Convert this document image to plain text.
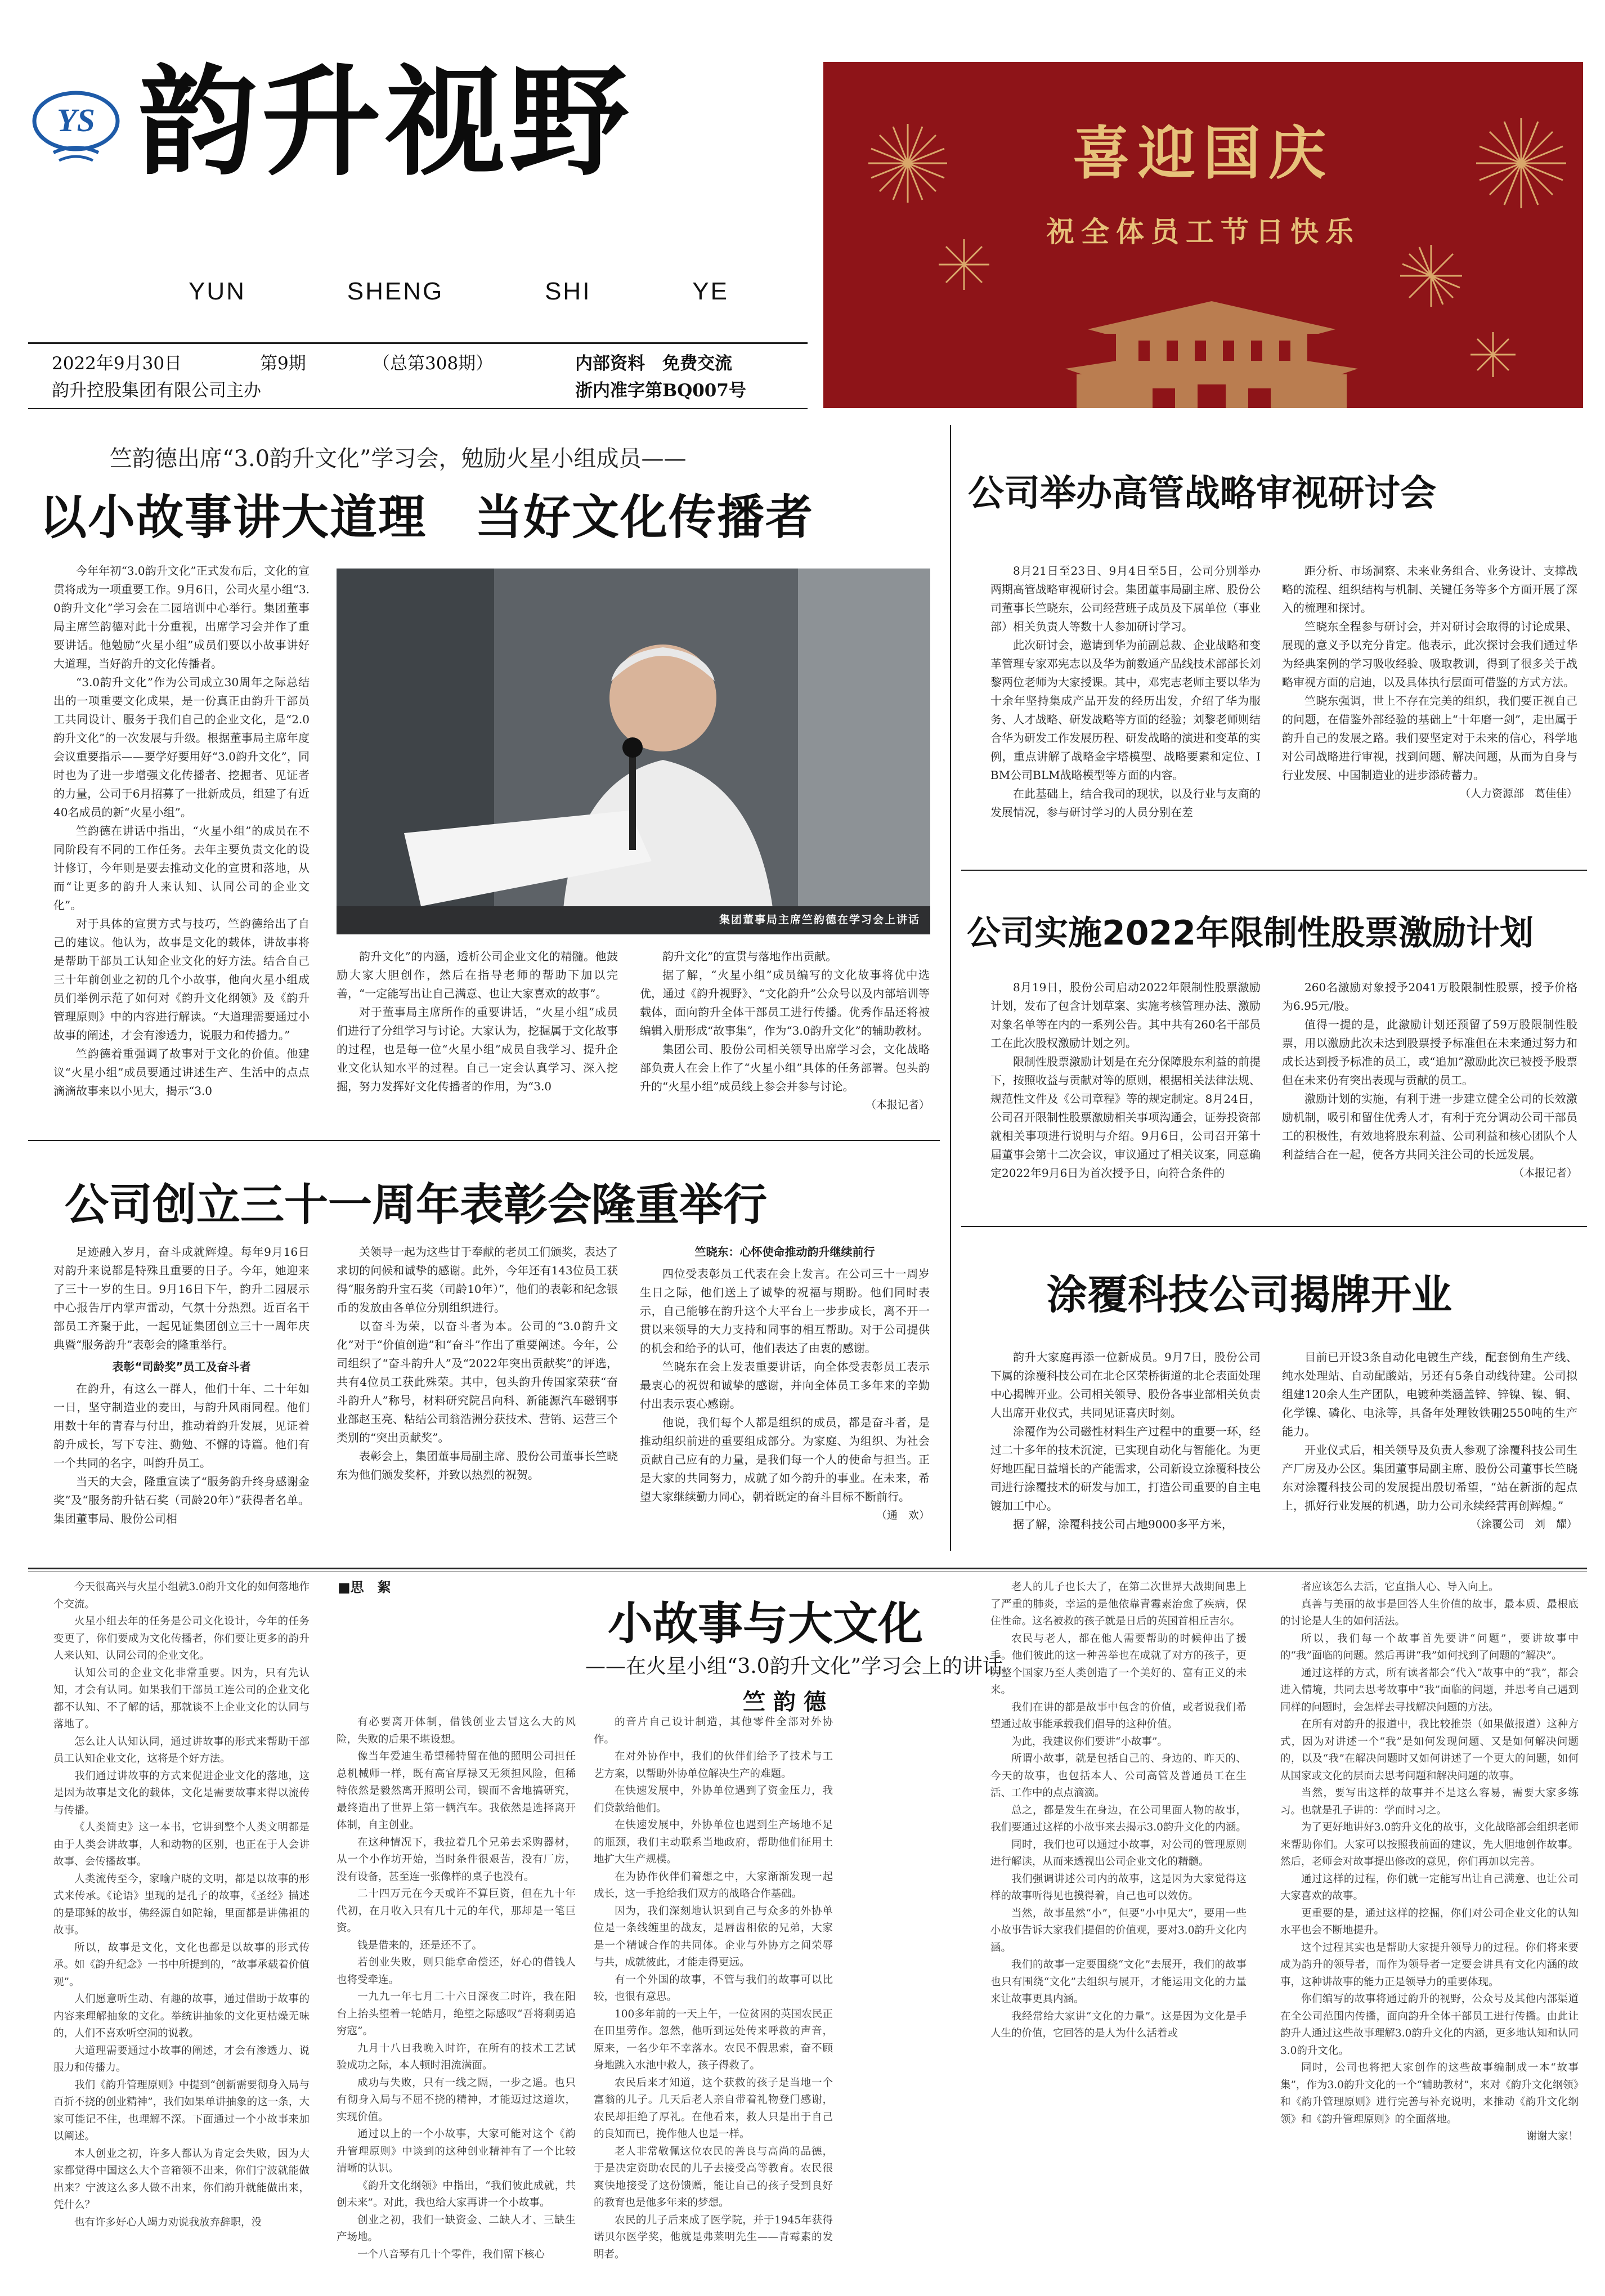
YS 韵升视野
YUN	SHENG	SHI	YE
2022年9月30日	第9期	（总第308期）	内部资料　免费交流
韵升控股集团有限公司主办	浙内准字第BQ007号
喜迎国庆
祝全体员工节日快乐
竺韵德出席“3.0韵升文化”学习会，勉励火星小组成员——
以小故事讲大道理　当好文化传播者

今年年初“3.0韵升文化”正式发布后，文化的宣贯将成为一项重要工作。9月6日，公司火星小组“3.0韵升文化”学习会在二园培训中心举行。集团董事局主席竺韵德对此十分重视，出席学习会并作了重要讲话。他勉励“火星小组”成员们要以小故事讲好大道理，当好韵升的文化传播者。

“3.0韵升文化”作为公司成立30周年之际总结出的一项重要文化成果，是一份真正由韵升干部员工共同设计、服务于我们自己的企业文化，是“2.0韵升文化”的一次发展与升级。根据董事局主席年度会议重要指示——要学好要用好“3.0韵升文化”，同时也为了进一步增强文化传播者、挖掘者、见证者的力量，公司于6月招募了一批新成员，组建了有近40名成员的新“火星小组”。

竺韵德在讲话中指出，“火星小组”的成员在不同阶段有不同的工作任务。去年主要负责文化的设计修订，今年则是要去推动文化的宣贯和落地，从而“让更多的韵升人来认知、认同公司的企业文化”。

对于具体的宣贯方式与技巧，竺韵德给出了自己的建议。他认为，故事是文化的载体，讲故事将是帮助干部员工认知企业文化的好方法。结合自己三十年前创业之初的几个小故事，他向火星小组成员们举例示范了如何对《韵升文化纲领》及《韵升管理原则》中的内容进行解读。“大道理需要通过小故事的阐述，才会有渗透力，说服力和传播力。”

竺韵德着重强调了故事对于文化的价值。他建议“火星小组”成员要通过讲述生产、生活中的点点滴滴故事来以小见大，揭示“3.0

集团董事局主席竺韵德在学习会上讲话

韵升文化”的内涵，透析公司企业文化的精髓。他鼓励大家大胆创作，然后在指导老师的帮助下加以完善，“一定能写出让自己满意、也让大家喜欢的故事”。

对于董事局主席所作的重要讲话，“火星小组”成员们进行了分组学习与讨论。大家认为，挖掘属于文化故事的过程，也是每一位“火星小组”成员自我学习、提升企业文化认知水平的过程。自己一定会认真学习、深入挖掘，努力发挥好文化传播者的作用，为“3.0

韵升文化”的宣贯与落地作出贡献。

据了解，“火星小组”成员编写的文化故事将优中选优，通过《韵升视野》、“文化韵升”公众号以及内部培训等载体，面向韵升全体干部员工进行传播。优秀作品还将被编辑入册形成“故事集”，作为“3.0韵升文化”的辅助教材。

集团公司、股份公司相关领导出席学习会，文化战略部负责人在会上作了“火星小组”具体的任务部署。包头韵升的“火星小组”成员线上参会并参与讨论。

（本报记者）

公司举办高管战略审视研讨会

8月21日至23日、9月4日至5日，公司分别举办两期高管战略审视研讨会。集团董事局副主席、股份公司董事长竺晓东，公司经营班子成员及下属单位（事业部）相关负责人等数十人参加研讨学习。

此次研讨会，邀请到华为前副总裁、企业战略和变革管理专家邓宪志以及华为前数通产品线技术部部长刘黎两位老师为大家授课。其中，邓宪志老师主要以华为十余年坚持集成产品开发的经历出发，介绍了华为服务、人才战略、研发战略等方面的经验；刘黎老师则结合华为研发工作发展历程、研发战略的演进和变革的实例，重点讲解了战略金字塔模型、战略要素和定位、IBM公司BLM战略模型等方面的内容。

在此基础上，结合我司的现状，以及行业与友商的发展情况，参与研讨学习的人员分别在差

距分析、市场洞察、未来业务组合、业务设计、支撑战略的流程、组织结构与机制、关键任务等多个方面开展了深入的梳理和探讨。

竺晓东全程参与研讨会，并对研讨会取得的讨论成果、展现的意义予以充分肯定。他表示，此次探讨会我们通过华为经典案例的学习吸收经验、吸取教训，得到了很多关于战略审视方面的启迪，以及具体执行层面可借鉴的方式方法。

竺晓东强调，世上不存在完美的组织，我们要正视自己的问题，在借鉴外部经验的基础上“十年磨一剑”，走出属于韵升自己的发展之路。我们要坚定对于未来的信心，科学地对公司战略进行审视，找到问题、解决问题，从而为自身与行业发展、中国制造业的进步添砖蓄力。

（人力资源部　葛佳佳）

公司实施2022年限制性股票激励计划

8月19日，股份公司启动2022年限制性股票激励计划，发布了包含计划草案、实施考核管理办法、激励对象名单等在内的一系列公告。其中共有260名干部员工在此次股权激励计划之列。

限制性股票激励计划是在充分保障股东利益的前提下，按照收益与贡献对等的原则，根据相关法律法规、规范性文件及《公司章程》等的规定制定。8月24日，公司召开限制性股票激励相关事项沟通会，证券投资部就相关事项进行说明与介绍。9月6日，公司召开第十届董事会第十二次会议，审议通过了相关议案，同意确定2022年9月6日为首次授予日，向符合条件的

260名激励对象授予2041万股限制性股票，授予价格为6.95元/股。

值得一提的是，此激励计划还预留了59万股限制性股票，用以激励此次未达到股票授予标准但在未来通过努力和成长达到授予标准的员工，或“追加”激励此次已被授予股票但在未来仍有突出表现与贡献的员工。

激励计划的实施，有利于进一步建立健全公司的长效激励机制，吸引和留住优秀人才，有利于充分调动公司干部员工的积极性，有效地将股东利益、公司利益和核心团队个人利益结合在一起，使各方共同关注公司的长远发展。

（本报记者）

公司创立三十一周年表彰会隆重举行

足迹融入岁月，奋斗成就辉煌。每年9月16日对韵升来说都是特殊且重要的日子。今年，她迎来了三十一岁的生日。9月16日下午，韵升二园展示中心报告厅内掌声雷动，气氛十分热烈。近百名干部员工齐聚于此，一起见证集团创立三十一周年庆典暨“服务韵升”表彰会的隆重举行。

表彰“司龄奖”员工及奋斗者

在韵升，有这么一群人，他们十年、二十年如一日，坚守制造业的麦田，与韵升风雨同程。他们用数十年的青春与付出，推动着韵升发展，见证着韵升成长，写下专注、勤勉、不懈的诗篇。他们有一个共同的名字，叫韵升员工。

当天的大会，隆重宣读了“服务韵升终身感谢金奖”及“服务韵升钻石奖（司龄20年）”获得者名单。集团董事局、股份公司相

关领导一起为这些甘于奉献的老员工们颁奖，表达了求切的问候和诚挚的感谢。此外，今年还有143位员工获得“服务韵升宝石奖（司龄10年）”，他们的表彰和纪念银币的发放由各单位分别组织进行。

以奋斗为荣，以奋斗者为本。公司的“3.0韵升文化”对于“价值创造”和“奋斗”作出了重要阐述。今年，公司组织了“奋斗韵升人”及“2022年突出贡献奖”的评选，共有4位员工获此殊荣。其中，包头韵升传国家荣获“奋斗韵升人”称号，材料研究院吕向科、新能源汽车磁钢事业部赵玉亮、粘结公司翁浩洲分获技术、营销、运营三个类别的“突出贡献奖”。

表彰会上，集团董事局副主席、股份公司董事长竺晓东为他们颁发奖杯，并致以热烈的祝贺。

竺晓东：心怀使命推动韵升继续前行

四位受表彰员工代表在会上发言。在公司三十一周岁生日之际，他们送上了诚挚的祝福与期盼。他们同时表示，自己能够在韵升这个大平台上一步步成长，离不开一贯以来领导的大力支持和同事的相互帮助。对于公司提供的机会和给予的认可，他们表达了由衷的感谢。

竺晓东在会上发表重要讲话，向全体受表彰员工表示最衷心的祝贺和诚挚的感谢，并向全体员工多年来的辛勤付出表示衷心感谢。

他说，我们每个人都是组织的成员，都是奋斗者，是推动组织前进的重要组成部分。为家庭、为组织、为社会贡献自己应有的力量，是我们每一个人的使命与担当。正是大家的共同努力，成就了如今韵升的事业。在未来，希望大家继续勤力同心，朝着既定的奋斗目标不断前行。

（通　欢）

涂覆科技公司揭牌开业

韵升大家庭再添一位新成员。9月7日，股份公司下属的涂覆科技公司在北仑区荣桥街道的北仑表面处理中心揭牌开业。公司相关领导、股份各事业部相关负责人出席开业仪式，共同见证喜庆时刻。

涂覆作为公司磁性材料生产过程中的重要一环，经过二十多年的技术沉淀，已实现自动化与智能化。为更好地匹配日益增长的产能需求，公司新设立涂覆科技公司进行涂覆技术的研发与加工，打造公司重要的自主电镀加工中心。

据了解，涂覆科技公司占地9000多平方米，

目前已开设3条自动化电镀生产线，配套倒角生产线、纯水处理站、自动配酸站，另还有5条自动线待建。公司拟组建120余人生产团队，电镀种类涵盖锌、锌镍、镍、铜、化学镍、磷化、电泳等，具备年处理钕铁硼2550吨的生产能力。

开业仪式后，相关领导及负责人参观了涂覆科技公司生产厂房及办公区。集团董事局副主席、股份公司董事长竺晓东对涂覆科技公司的发展提出殷切希望，“站在新浙的起点上，抓好行业发展的机遇，助力公司永续经营再创辉煌。”

（涂覆公司　刘　耀）

今天很高兴与火星小组就3.0韵升文化的如何落地作个交流。

火星小组去年的任务是公司文化设计，今年的任务变更了，你们要成为文化传播者，你们要让更多的韵升人来认知、认同公司的企业文化。

认知公司的企业文化非常重要。因为，只有先认知，才会有认同。如果我们干部员工连公司的企业文化都不认知、不了解的话，那就谈不上企业文化的认同与落地了。

怎么让人认知认同，通过讲故事的形式来帮助干部员工认知企业文化，这将是个好方法。

我们通过讲故事的方式来促进企业文化的落地，这是因为故事是文化的载体，文化是需要故事来得以流传与传播。

《人类简史》这一本书，它讲到整个人类文明都是由于人类会讲故事，人和动物的区别，也正在于人会讲故事、会传播故事。

人类流传至今，家喻户晓的文明，都是以故事的形式来传承。《论语》里现的是孔子的故事，《圣经》描述的是耶稣的故事，佛经源自如陀翰，里面都是讲佛祖的故事。

所以，故事是文化，文化也都是以故事的形式传承。如《韵升纪念》一书中所提到的，“故事承载着价值观”。

人们愿意听生动、有趣的故事，通过借助于故事的内容来理解抽象的文化。举统讲抽象的文化更枯燥无味的，人们不喜欢听空洞的说教。

大道理需要通过小故事的阐述，才会有渗透力、说服力和传播力。

我们《韵升管理原则》中提到“创新需要彻身入局与百折不挠的创业精神”，我们如果单讲抽象的这一条，大家可能记不住，也理解不深。下面通过一个小故事来加以阐述。

本人创业之初，许多人都认为肯定会失败，因为大家都觉得中国这么大个音箱领不出来，你们宁波就能做出来？宁波这么多人做不出来，你们韵升就能做出来，凭什么？

也有许多好心人竭力劝说我放弃辞职，没

■思　絮
小故事与大文化
——在火星小组“3.0韵升文化”学习会上的讲话
竺韵德

有必要离开体制，借钱创业去冒这么大的风险，失败的后果不堪设想。

像当年爱迪生希望稀特留在他的照明公司担任总机械师一样，既有高官厚禄又无须担风险，但稀特依然是毅然离开照明公司，锲而不舍地搞研究，最终造出了世界上第一辆汽车。我依然是选择离开体制，自主创业。

在这种情况下，我拉着几个兄弟去采购器材，从一个小作坊开始，当时条件很艰苦，没有厂房，没有设备，甚至连一张像样的桌子也没有。

二十四万元在今天或许不算巨资，但在九十年代初，在月收入只有几十元的年代，那却是一笔巨资。

钱是借来的，还是还不了。

若创业失败，则只能拿命偿还，好心的借钱人也将受牵连。

一九九一年七月二十六日深夜二时许，我在阳台上抬头望着一轮皓月，绝望之际感叹“吾将剩勇追穷寇”。

九月十八日我晚入时许，在所有的技术工艺试验成功之际，本人顿时泪流满面。

成功与失败，只有一线之隔，一步之遥。也只有彻身入局与不屈不挠的精神，才能迈过这道坎，实现价值。

通过以上的一个小故事，大家可能对这个《韵升管理原则》中谈到的这种创业精神有了一个比较清晰的认识。

《韵升文化纲领》中指出，“我们彼此成就，共创未来”。对此，我也给大家再讲一个小故事。

创业之初，我们一缺资金、二缺人才、三缺生产场地。

一个八音琴有几十个零件，我们留下核心

的音片自己设计制造，其他零件全部对外协作。

在对外协作中，我们的伙伴们给予了技术与工艺方案，以帮助外协单位解决生产的难题。

在快速发展中，外协单位遇到了资金压力，我们贷款给他们。

在快速发展中，外协单位也遇到生产场地不足的瓶颈，我们主动联系当地政府，帮助他们征用土地扩大生产规模。

在为协作伙伴们着想之中，大家渐渐发现一起成长，这一手抢给我们双方的战略合作基础。

因为，我们深刻地认识到自己与众多的外协单位是一条线缠里的战友，是唇齿相依的兄弟，大家是一个精诚合作的共同体。企业与外协方之间荣辱与共，成就彼此，才能走得更远。

有一个外国的故事，不管与我们的故事可以比较，也很有意思。

100多年前的一天上午，一位贫困的英国农民正在田里劳作。忽然，他听到远处传来呼救的声音，原来，一名少年不幸落水。农民不假思索，奋不顾身地跳入水池中救人，孩子得救了。

农民后来才知道，这个获救的孩子是当地一个富翁的儿子。几天后老人亲自带着礼物登门感谢，农民却拒绝了厚礼。在他看来，救人只是出于自己的良知而已，挽作他人也是一样。

老人非常敬佩这位农民的善良与高尚的品德，于是决定资助农民的儿子去接受高等教育。农民很爽快地接受了这份馈赠，能让自己的孩子受到良好的教育也是他多年来的梦想。

农民的儿子后来成了医学院，并于1945年获得诺贝尔医学奖，他就是弗莱明先生——青霉素的发明者。

老人的儿子也长大了，在第二次世界大战期间患上了严重的肺炎，幸运的是他依靠青霉素治愈了疾病，保住性命。这名被救的孩子就是日后的英国首相丘吉尔。

农民与老人，都在他人需要帮助的时候伸出了援手。他们彼此的这一种善举也在成就了对方的孩子，更为整个国家乃至人类创造了一个美好的、富有正义的未来。

我们在讲的都是故事中包含的价值，或者说我们希望通过故事能承载我们倡导的这种价值。

为此，我建议你们要讲“小故事”。

所谓小故事，就是包括自己的、身边的、昨天的、今天的故事，也包括本人、公司高管及普通员工在生活、工作中的点点滴滴。

总之，都是发生在身边，在公司里面人物的故事，我们要通过这样的小故事来去揭示3.0韵升文化的内涵。

同时，我们也可以通过小故事，对公司的管理原则进行解读，从而来透视出公司企业文化的精髓。

我们强调讲述公司内的故事，这是因为大家觉得这样的故事听得见也摸得着，自己也可以效仿。

当然，故事虽然“小”，但要“小中见大”，要用一些小故事告诉大家我们提倡的价值观，要对3.0韵升文化内涵。

我们的故事一定要围绕“文化”去展开，我们的故事也只有围绕“文化”去组织与展开，才能运用文化的力量来让故事更具内涵。

我经常给大家讲“文化的力量”。这是因为文化是手人生的价值，它回答的是人为什么活着或

者应该怎么去活，它直指人心、导入向上。

真善与美丽的故事是回答人生价值的故事，最本质、最根底的讨论是人生的如何活法。

所以，我们每一个故事首先要讲“问题”，要讲故事中的“我”面临的问题。然后再讲“我”如何找到了问题的“解决”。

通过这样的方式，所有读者都会“代入”故事中的“我”，都会进入情境，共同去思考故事中“我”面临的问题，并思考自己遇到同样的问题时，会怎样去寻找解决问题的方法。

在所有对韵升的报道中，我比较推崇（如果做报道）这种方式，因为对讲述一个“我”是如何发现问题、又是如何解决问题的，以及“我”在解决问题时又如何讲述了一个更大的问题，如何从国家或文化的层面去思考问题和解决问题的故事。

当然，要写出这样的故事并不是这么容易，需要大家多练习。也就是孔子讲的：学而时习之。

为了更好地讲好3.0韵升文化的故事，文化战略部会组织老师来帮助你们。大家可以按照我前面的建议，先大胆地创作故事。然后，老师会对故事提出修改的意见，你们再加以完善。

通过这样的过程，你们就一定能写出让自己满意、也让公司大家喜欢的故事。

更重要的是，通过这样的挖掘，你们对公司企业文化的认知水平也会不断地提升。

这个过程其实也是帮助大家提升领导力的过程。你们将来要成为韵升的领导者，而作为领导者一定要会讲具有文化内涵的故事，这种讲故事的能力正是领导力的重要体现。

你们编写的故事将通过韵升的视野，公众号及其他内部渠道在全公司范围内传播，面向韵升全体干部员工进行传播。由此让韵升人通过这些故事理解3.0韵升文化的内涵，更多地认知和认同3.0韵升文化。

同时，公司也将把大家创作的这些故事编制成一本“故事集”，作为3.0韵升文化的一个“辅助教材”，来对《韵升文化纲领》和《韵升管理原则》进行完善与补充说明，来推动《韵升文化纲领》和《韵升管理原则》的全面落地。

谢谢大家！
